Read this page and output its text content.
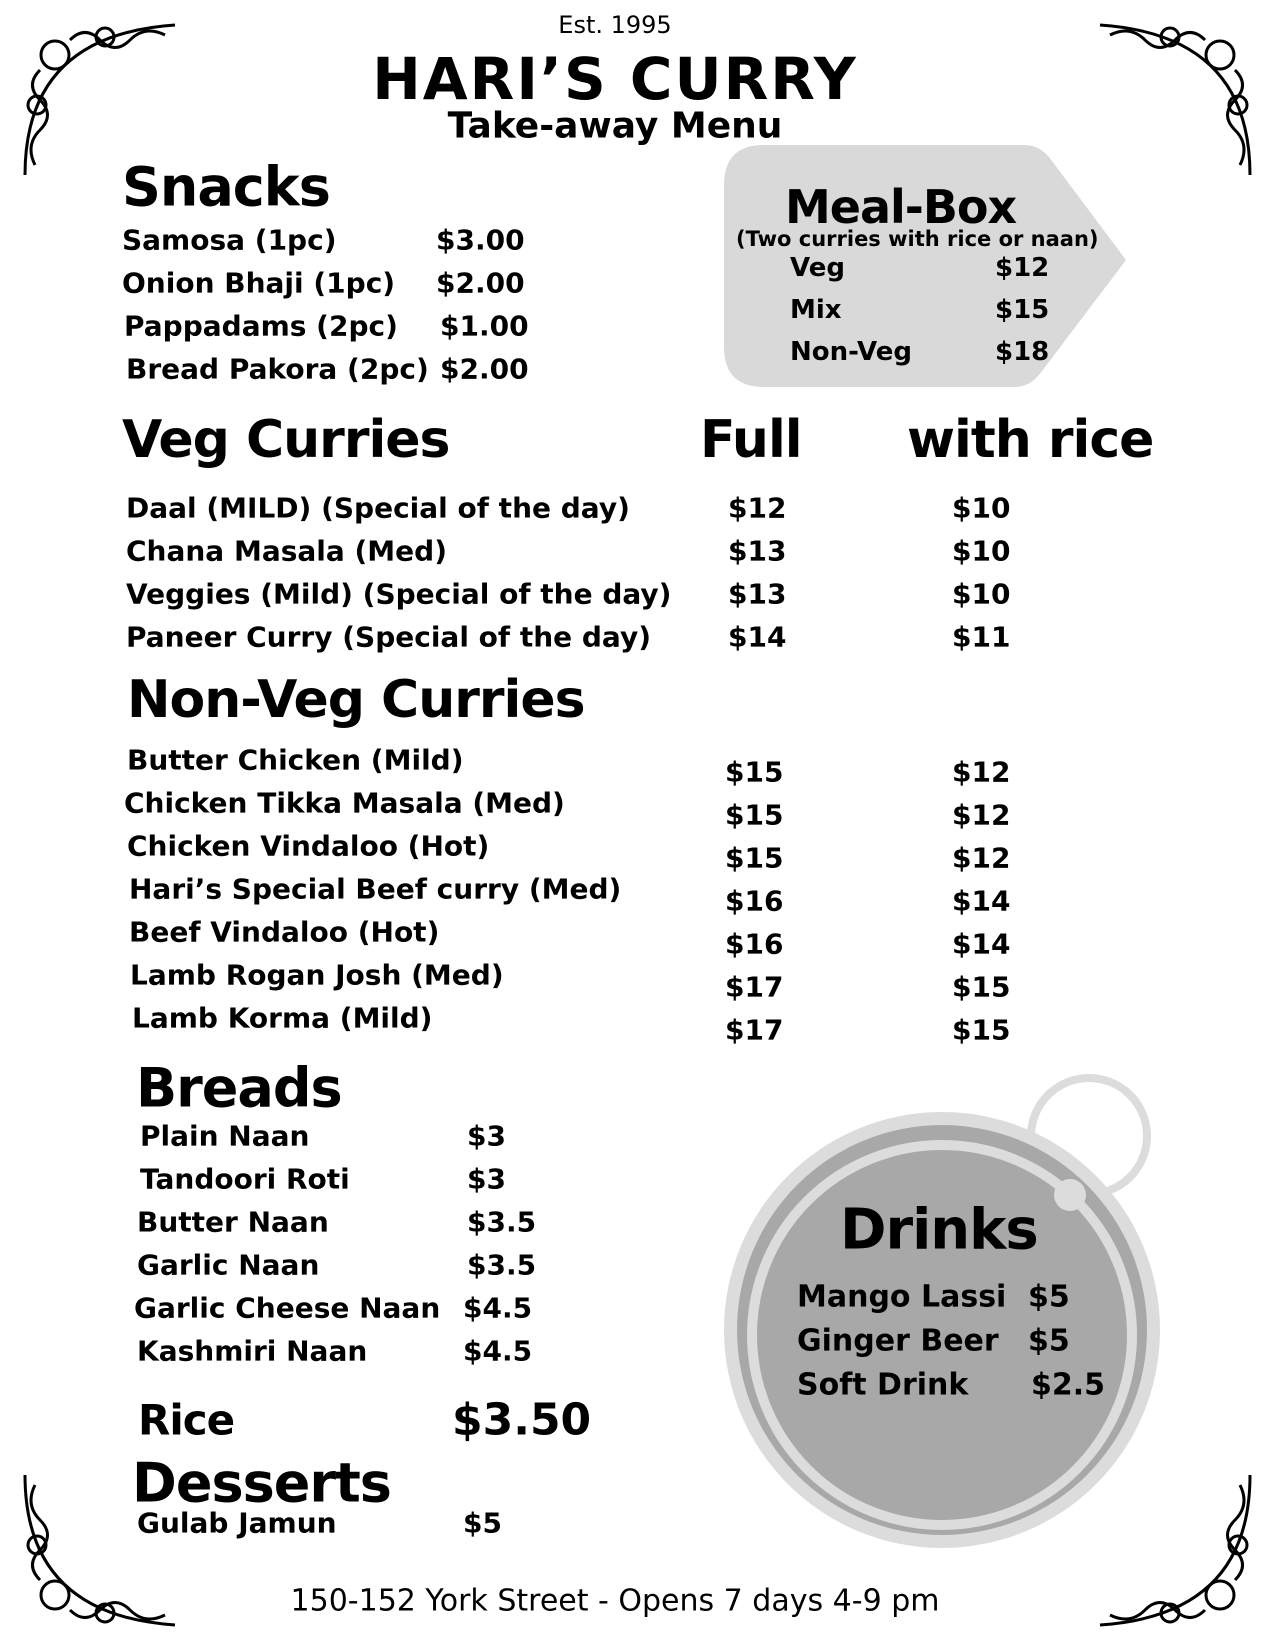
Est. 1995
HARI’S CURRY
Take-away Menu
Snacks
Samosa (1pc)	$3.00
Onion Bhaji (1pc) $2.00
Pappadams (2pc) $1.00
Bread Pakora (2pc) $2.00
Meal-Box
(Two curries with rice or naan)
Veg	$12
Mix	$15
Non-Veg	$18
Veg Curries	Full with rice
Daal (MILD) (Special of the day)	$12	$10
Chana Masala (Med)	$13	$10
Veggies (Mild) (Special of the day) $13	$10
Paneer Curry (Special of the day)	$14	$11
Non-Veg Curries
Butter Chicken (Mild)	$15	$12
Chicken Tikka Masala (Med)	$15	$12
Chicken Vindaloo (Hot)	$15	$12
Hari’s Special Beef curry (Med)	$16	$14
Beef Vindaloo (Hot)	$16	$14
Lamb Rogan Josh (Med)	$17	$15
Lamb Korma (Mild)	$17	$15
Breads
Plain Naan	$3
Tandoori Roti	$3
Butter Naan	$3.5
Garlic Naan	$3.5
Garlic Cheese Naan $4.5
Kashmiri Naan	$4.5
Rice	$3.50
Desserts
Gulab Jamun	$5
Drinks
Mango Lassi $5
Ginger Beer $5
Soft Drink $2.5
150-152 York Street - Opens 7 days 4-9 pm
